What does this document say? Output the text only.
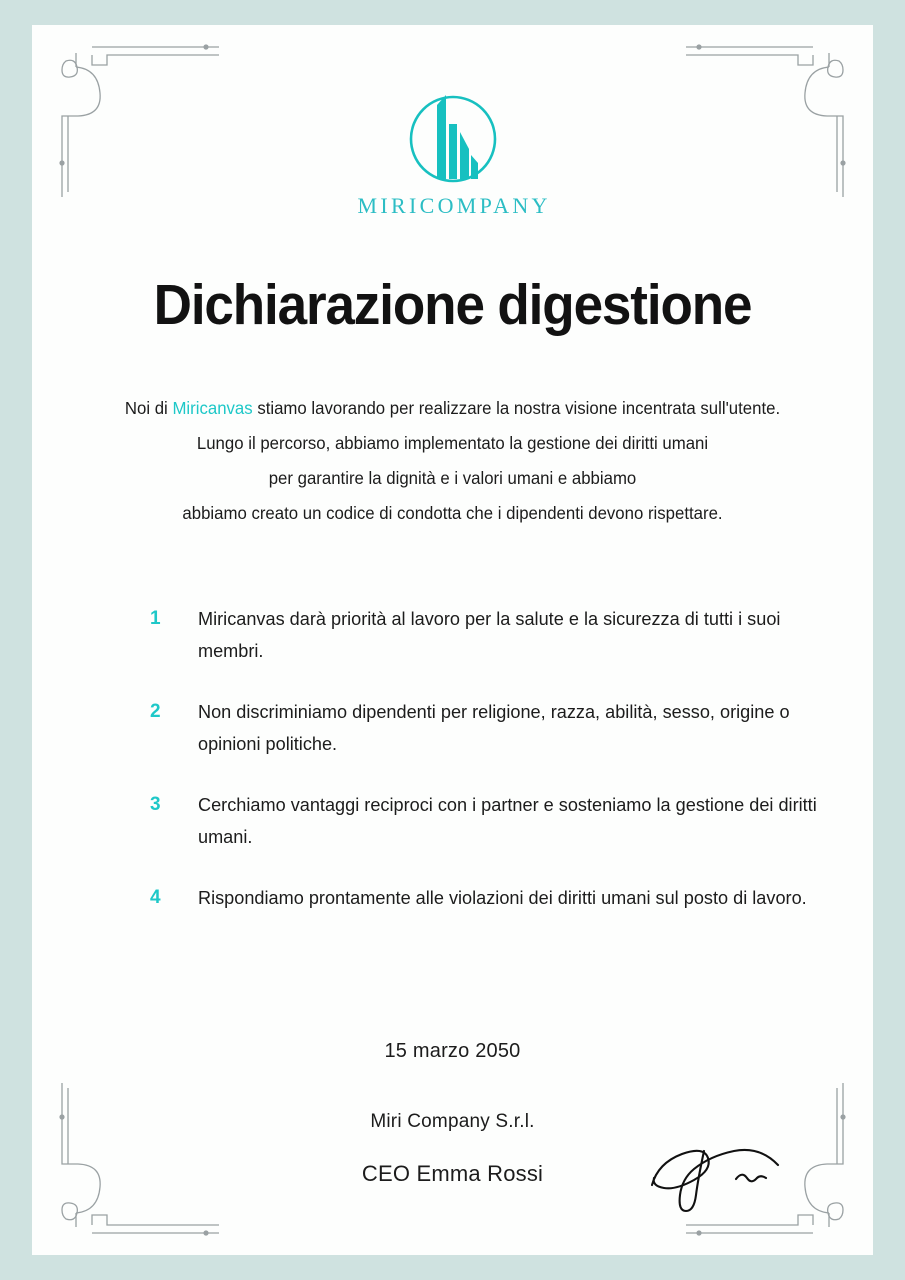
MIRICOMPANY
Dichiarazione digestione
Noi di Miricanvas stiamo lavorando per realizzare la nostra visione incentrata sull'utente.
Lungo il percorso, abbiamo implementato la gestione dei diritti umani
per garantire la dignità e i valori umani e abbiamo
abbiamo creato un codice di condotta che i dipendenti devono rispettare.
1	Miricanvas darà priorità al lavoro per la salute e la sicurezza di tutti i suoi membri.
2	Non discriminiamo dipendenti per religione, razza, abilità, sesso, origine o opinioni politiche.
3	Cerchiamo vantaggi reciproci con i partner e sosteniamo la gestione dei diritti umani.
4	Rispondiamo prontamente alle violazioni dei diritti umani sul posto di lavoro.
15 marzo 2050
Miri Company S.r.l.
CEO Emma Rossi
